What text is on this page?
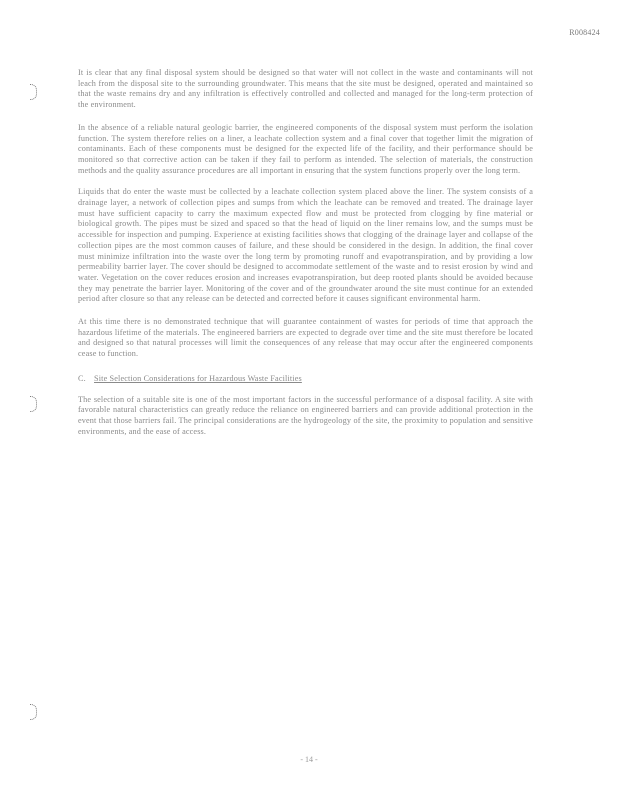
R008424

It is clear that any final disposal system should be designed so that water will not collect in the waste and contaminants will not leach from the disposal site to the surrounding groundwater. This means that the site must be designed, operated and maintained so that the waste remains dry and any infiltration is effectively controlled and collected and managed for the long-term protection of the environment.

In the absence of a reliable natural geologic barrier, the engineered components of the disposal system must perform the isolation function. The system therefore relies on a liner, a leachate collection system and a final cover that together limit the migration of contaminants. Each of these components must be designed for the expected life of the facility, and their performance should be monitored so that corrective action can be taken if they fail to perform as intended. The selection of materials, the construction methods and the quality assurance procedures are all important in ensuring that the system functions properly over the long term.

Liquids that do enter the waste must be collected by a leachate collection system placed above the liner. The system consists of a drainage layer, a network of collection pipes and sumps from which the leachate can be removed and treated. The drainage layer must have sufficient capacity to carry the maximum expected flow and must be protected from clogging by fine material or biological growth. The pipes must be sized and spaced so that the head of liquid on the liner remains low, and the sumps must be accessible for inspection and pumping. Experience at existing facilities shows that clogging of the drainage layer and collapse of the collection pipes are the most common causes of failure, and these should be considered in the design. In addition, the final cover must minimize infiltration into the waste over the long term by promoting runoff and evapotranspiration, and by providing a low permeability barrier layer. The cover should be designed to accommodate settlement of the waste and to resist erosion by wind and water. Vegetation on the cover reduces erosion and increases evapotranspiration, but deep rooted plants should be avoided because they may penetrate the barrier layer. Monitoring of the cover and of the groundwater around the site must continue for an extended period after closure so that any release can be detected and corrected before it causes significant environmental harm.

At this time there is no demonstrated technique that will guarantee containment of wastes for periods of time that approach the hazardous lifetime of the materials. The engineered barriers are expected to degrade over time and the site must therefore be located and designed so that natural processes will limit the consequences of any release that may occur after the engineered components cease to function.

C. Site Selection Considerations for Hazardous Waste Facilities

The selection of a suitable site is one of the most important factors in the successful performance of a disposal facility. A site with favorable natural characteristics can greatly reduce the reliance on engineered barriers and can provide additional protection in the event that those barriers fail. The principal considerations are the hydrogeology of the site, the proximity to population and sensitive environments, and the ease of access.

- 14 -
